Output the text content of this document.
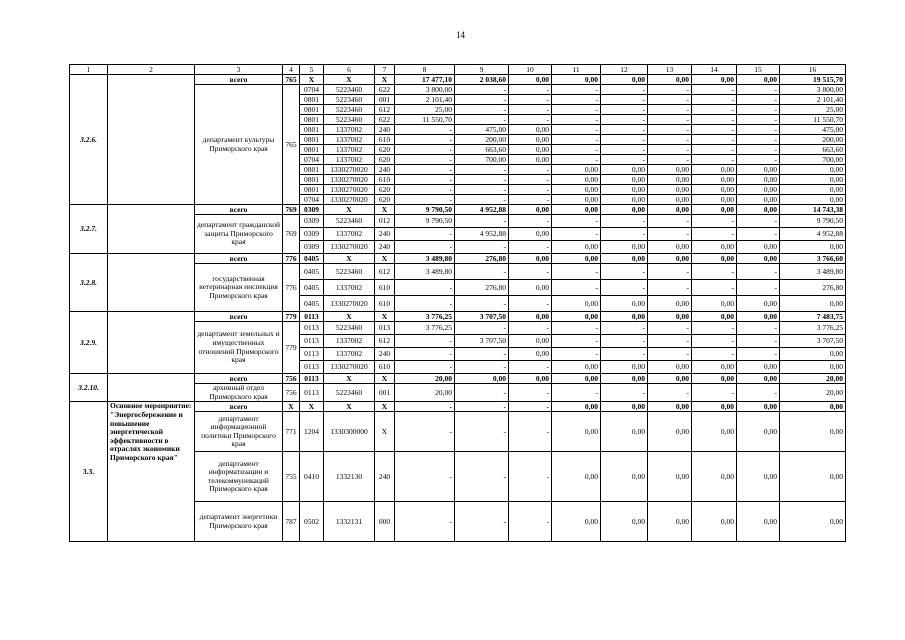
14
1	2	3	4	5	6	7	8	9	10	11	12	13	14	15	16
3.2.6.		всего	765	X	X	X	17 477,10	2 038,60	0,00	0,00	0,00	0,00	0,00	0,00	19 515,70
		департамент культуры Приморского края	765	0704	5223460	622	3 800,00	-	-	-	-	-	-	-	3 800,00
				0801	5223460	001	2 101,40	-	-	-	-	-	-	-	2 101,40
				0801	5223460	612	25,00	-	-	-	-	-	-	-	25,00
				0801	5223460	622	11 550,70	-	-	-	-	-	-	-	11 550,70
				0801	1337002	240	-	475,00	0,00	-	-	-	-	-	475,00
				0801	1337002	610	-	200,00	0,00	-	-	-	-	-	200,00
				0801	1337002	620	-	663,60	0,00	-	-	-	-	-	663,60
				0704	1337002	620	-	700,00	0,00	-	-	-	-	-	700,00
				0801	1330270020	240	-	-	-	0,00	0,00	0,00	0,00	0,00	0,00
				0801	1330270020	610	-	-	-	0,00	0,00	0,00	0,00	0,00	0,00
				0801	1330270020	620	-	-	-	0,00	0,00	0,00	0,00	0,00	0,00
				0704	1330270020	620	-	-	-	0,00	0,00	0,00	0,00	0,00	0,00
3.2.7.		всего	769	0309	X	X	9 790,50	4 952,88	0,00	0,00	0,00	0,00	0,00	0,00	14 743,38
		департамент гражданской защиты Приморского края	769	0309	5223460	012	9 790,50	-	-	-	-	-	-	-	9 790,50
				0309	1337002	240	-	4 952,88	0,00	-	-	-	-	-	4 952,88
				0309	1330270020	240	-	-	-	0,00	0,00	0,00	0,00	0,00	0,00
3.2.8.		всего	776	0405	X	X	3 489,80	276,80	0,00	0,00	0,00	0,00	0,00	0,00	3 766,60
		государственная ветеринарная инспекция Приморского края	776	0405	5223460	612	3 489,80	-	-	-	-	-	-	-	3 489,80
				0405	1337002	610	-	276,80	0,00	-	-	-	-	-	276,80
				0405	1330270020	610	-	-	-	0,00	0,00	0,00	0,00	0,00	0,00
3.2.9.		всего	779	0113	X	X	3 776,25	3 707,50	0,00	0,00	0,00	0,00	0,00	0,00	7 483,75
		департамент земельных и имущественных отношений Приморского края	779	0113	5223460	013	3 776,25	-	-	-	-	-	-	-	3 776,25
				0113	1337002	612	-	3 707,50	0,00	-	-	-	-	-	3 707,50
				0113	1337002	240	-	-	0,00	-	-	-	-	-	0,00
				0113	1330270020	610	-	-	-	0,00	0,00	0,00	0,00	0,00	0,00
3.2.10.		всего	756	0113	X	X	20,00	0,00	0,00	0,00	0,00	0,00	0,00	0,00	20,00
		архивный отдел Приморского края	756	0113	5223460	001	20,00	-	-	-	-	-	-	-	20,00
3.3.	Основное мероприятие: "Энергосбережение и повышение энергетической эффективности в отраслях экономики Приморского края"	всего	X	X	X	X	-	-	-	0,00	0,00	0,00	0,00	0,00	0,00
		департамент информационной политики Приморского края	771	1204	1330300000	X	-	-	-	0,00	0,00	0,00	0,00	0,00	0,00
		департамент информатизации и телекоммуникаций Приморского края	755	0410	1332130	240	-	-	-	0,00	0,00	0,00	0,00	0,00	0,00
		департамент энергетики Приморского края	787	0502	1332131	000	-	-	-	0,00	0,00	0,00	0,00	0,00	0,00
